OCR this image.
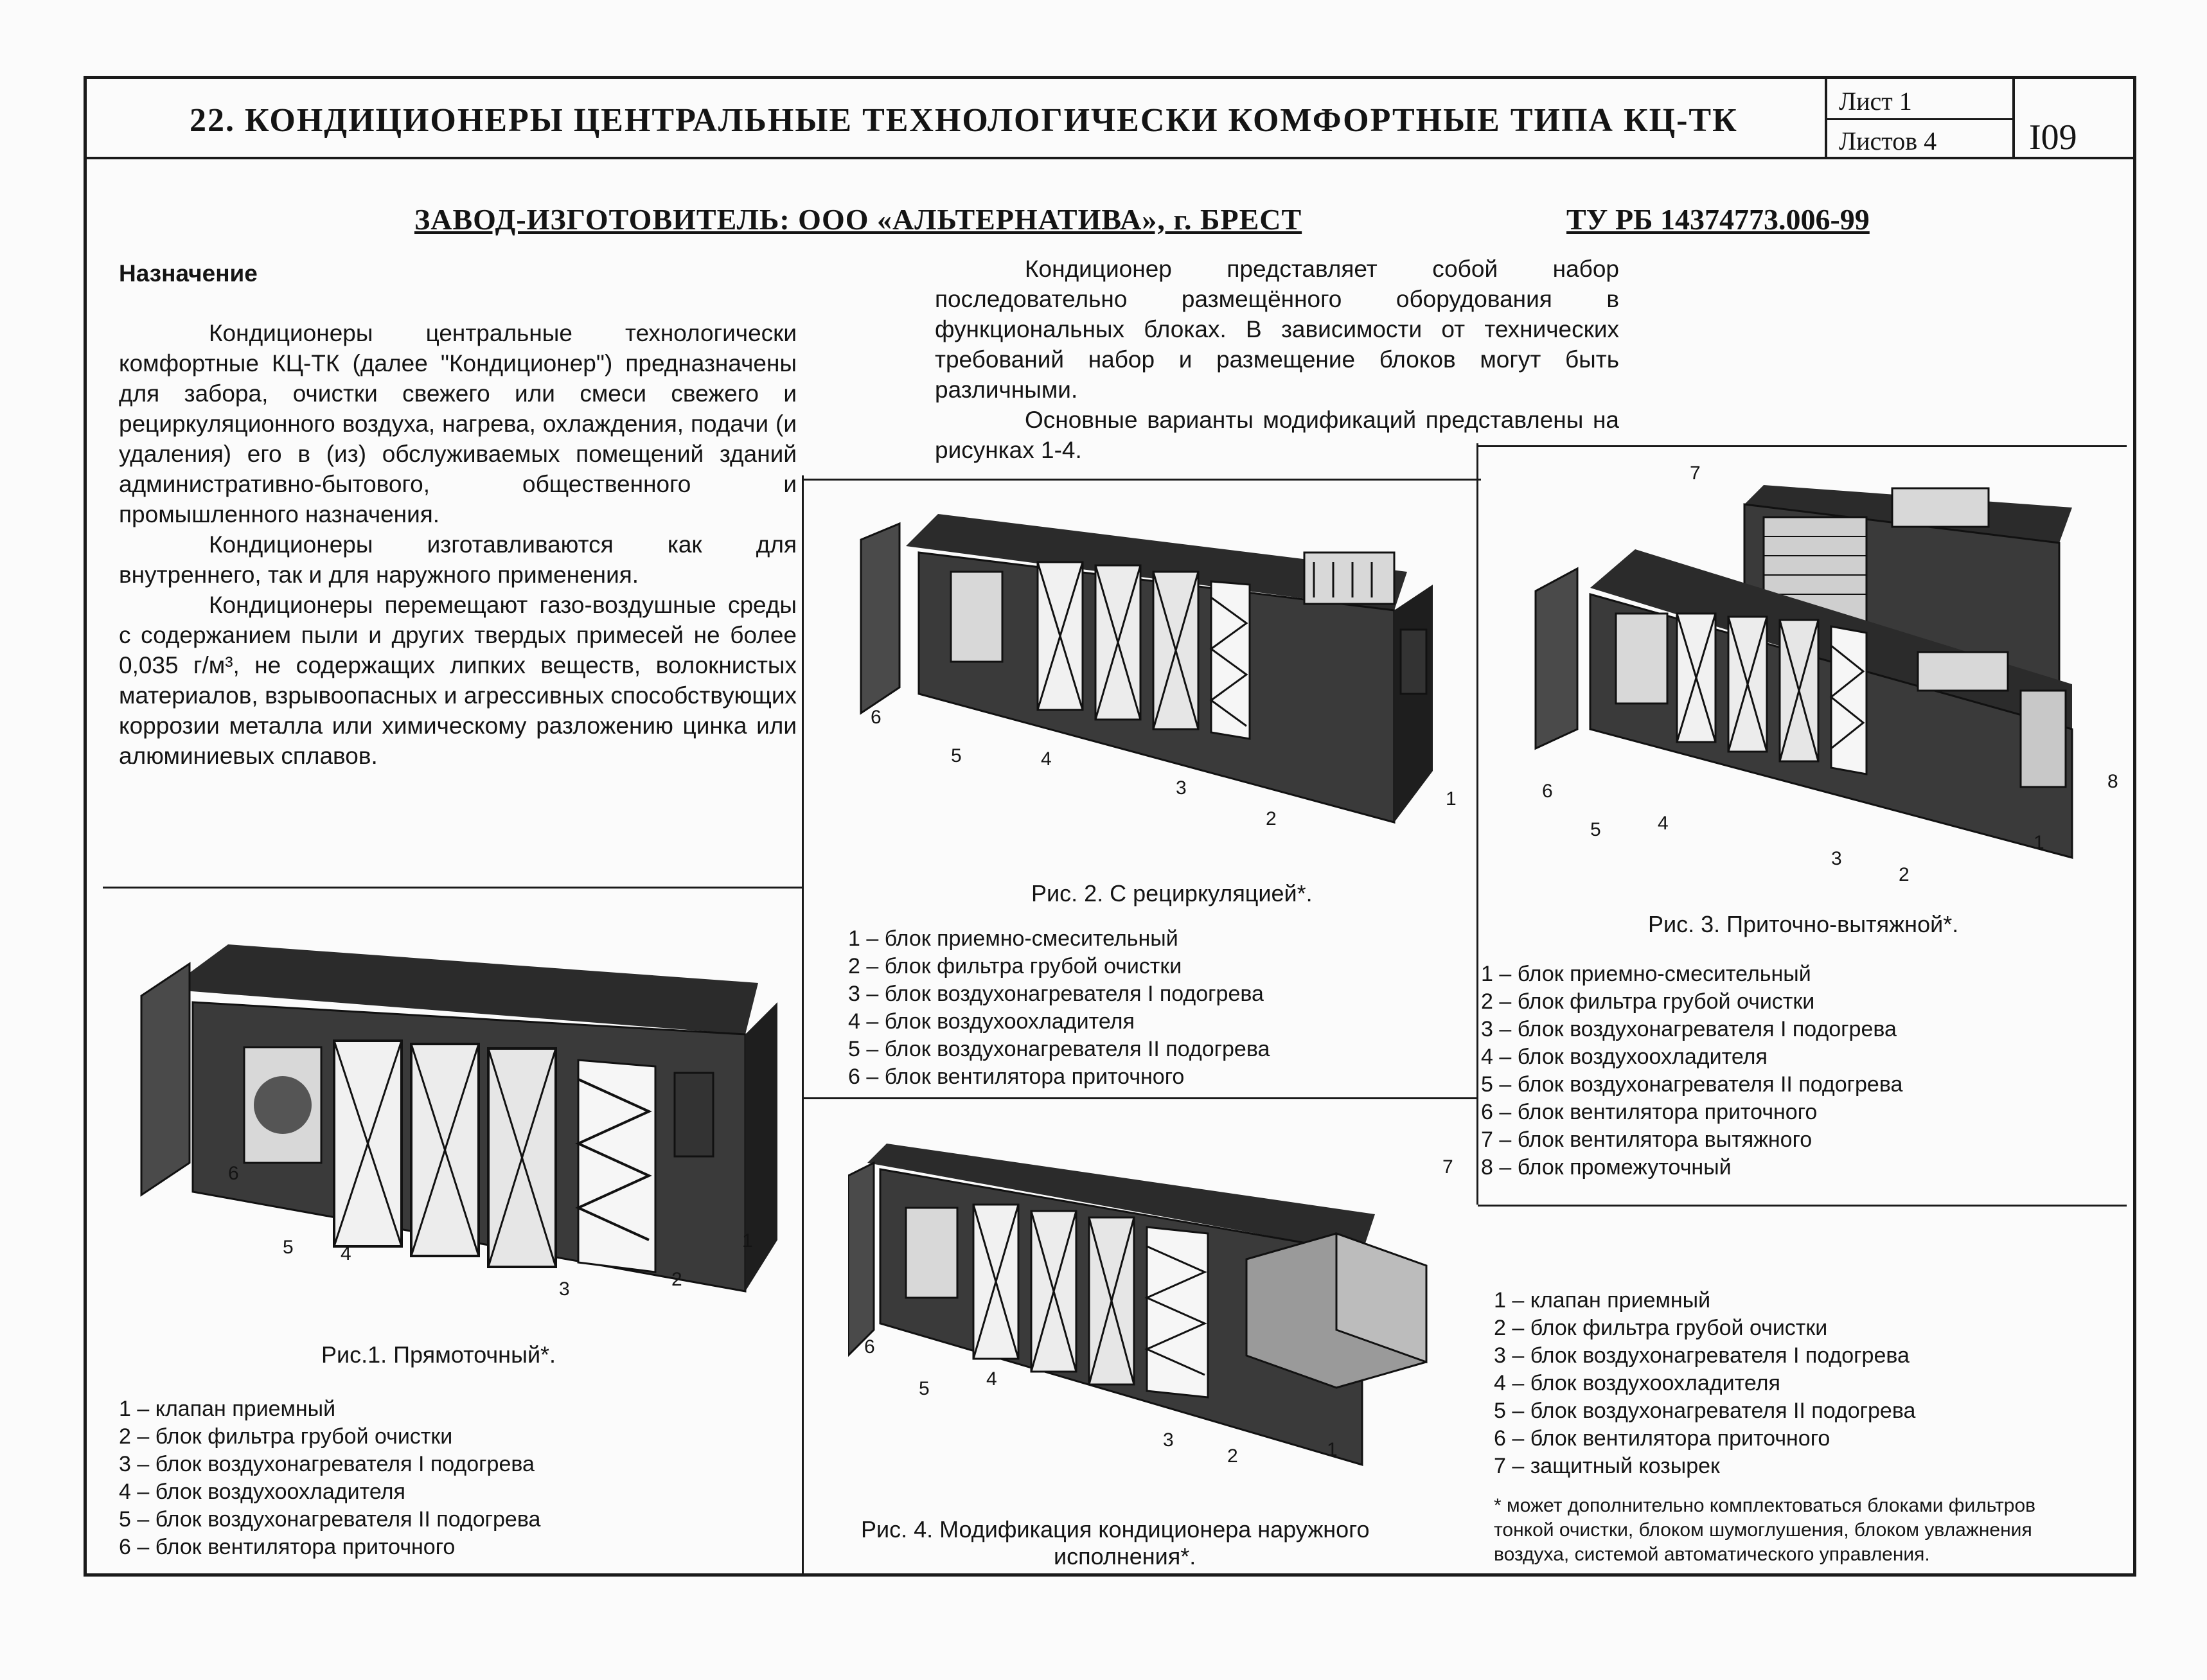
22. КОНДИЦИОНЕРЫ ЦЕНТРАЛЬНЫЕ ТЕХНОЛОГИЧЕСКИ КОМФОРТНЫЕ ТИПА КЦ-ТК
Лист 1
Листов 4	I09
ЗАВОД-ИЗГОТОВИТЕЛЬ: ООО «АЛЬТЕРНАТИВА», г. БРЕСТ	ТУ РБ 14374773.006-99
Назначение

Кондиционеры центральные технологически комфортные КЦ-ТК (далее "Кондиционер") предназначены для забора, очистки свежего или смеси свежего и рециркуляционного воздуха, нагрева, охлаждения, подачи (и удаления) его в (из) обслуживаемых помещений зданий административно-бытового, общественного и промышленного назначения.

Кондиционеры изготавливаются как для внутреннего, так и для наружного применения.

Кондиционеры перемещают газо-воздушные среды с содержанием пыли и других твердых примесей не более 0,035 г/м³, не содержащих липких веществ, волокнистых материалов, взрывоопасных и агрессивных способствующих коррозии металла или химическому разложению цинка или алюминиевых сплавов.

Кондиционер представляет собой набор последовательно размещённого оборудования в функциональных блоках. В зависимости от технических требований набор и размещение блоков могут быть различными.

Основные варианты модификаций представлены на рисунках 1-4.

6
5 4
3	2
1
Рис.1. Прямоточный*.
1 – клапан приемный
2 – блок фильтра грубой очистки
3 – блок воздухонагревателя I подогрева
4 – блок воздухоохладителя
5 – блок воздухонагревателя II подогрева
6 – блок вентилятора приточного
6
5	4
3
2
1
Рис. 2. С рециркуляцией*.
1 – блок приемно-смесительный
2 – блок фильтра грубой очистки
3 – блок воздухонагревателя I подогрева
4 – блок воздухоохладителя
5 – блок воздухонагревателя II подогрева
6 – блок вентилятора приточного
7
8
6
5	4
3
2
1
Рис. 3. Приточно-вытяжной*.
1 – блок приемно-смесительный
2 – блок фильтра грубой очистки
3 – блок воздухонагревателя I подогрева
4 – блок воздухоохладителя
5 – блок воздухонагревателя II подогрева
6 – блок вентилятора приточного
7 – блок вентилятора вытяжного
8 – блок промежуточный
7
6
5	4
3
2	1
Рис. 4. Модификация кондиционера наружного
исполнения*.
1 – клапан приемный
2 – блок фильтра грубой очистки
3 – блок воздухонагревателя I подогрева
4 – блок воздухоохладителя
5 – блок воздухонагревателя II подогрева
6 – блок вентилятора приточного
7 – защитный козырек
* может дополнительно комплектоваться блоками фильтров
тонкой очистки, блоком шумоглушения, блоком увлажнения
воздуха, системой автоматического управления.
